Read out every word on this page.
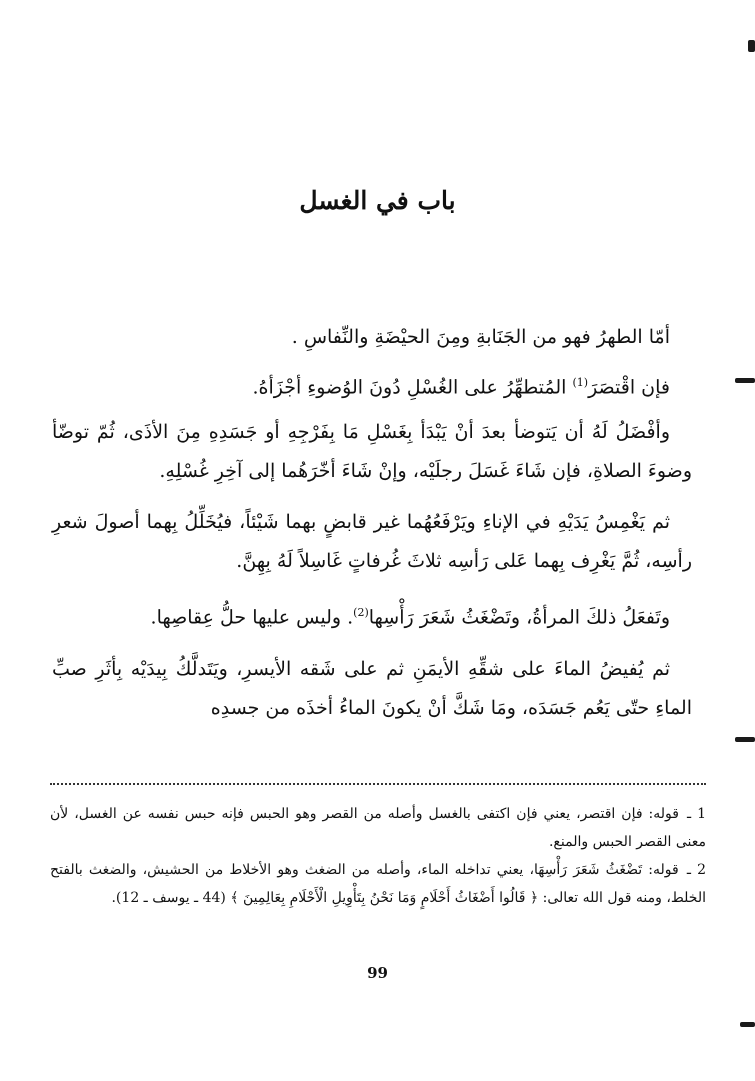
باب في الغسل

أمّا الطهرُ فهو من الجَنَابةِ ومِنَ الحيْضَةِ والنِّفاسِ .

فإن اقْتصَرَ$^{(1)}$ المُتطهِّرُ على الغُسْلِ دُونَ الوُضوءِ أجْزَأهُ.

وأفْضَلُ لَهُ أن يَتوضأ بعدَ أنْ يَبْدَأ بِغَسْلِ مَا بِفَرْجِهِ أو جَسَدِهِ مِنَ الأذَى، ثُمّ توضّأ وضوءَ الصلاةِ، فإن شَاءَ غَسَلَ رجلَيْه، وإنْ شَاءَ أخّرَهُما إلى آخِرِ غُسْلِهِ.

ثم يَغْمِسُ يَدَيْهِ في الإناءِ ويَرْفَعُهُما غير قابضٍ بهما شَيْئاً، فيُخَلِّلُ بِهما أصولَ شعرِ رأسِه، ثُمَّ يَغْرِف بِهما عَلى رَأسِه ثلاثَ غُرفاتٍ غَاسِلاً لَهُ بِهِنَّ.

وتَفعَلُ ذلكَ المرأةُ، وتَضْغَثُ شَعَرَ رَأْسِها$^{(2)}$. وليس عليها حلُّ عِقاصِها.

ثم يُفيضُ الماءَ على شقِّهِ الأيمَنِ ثم على شَقه الأيسرِ، ويَتَدلَّكُ بِيدَيْه بِأثَرِ صبِّ الماءِ حتّى يَعُم جَسَدَه، ومَا شَكَّ أنْ يكونَ الماءُ أخذَه من جسدِه

1 ـ قوله: فإن اقتصر، يعني فإن اكتفى بالغسل وأصله من القصر وهو الحبس فإنه حبس نفسه عن الغسل، لأن معنى القصر الحبس والمنع.

2 ـ قوله: تَضْغَثُ شَعَرَ رَأْسِهَا، يعني تداخله الماء، وأصله من الضغث وهو الأخلاط من الحشيش، والضغث بالفتح الخلط، ومنه قول الله تعالى: ﴿ قَالُوا أَضْغَاثُ أَحْلَامٍ وَمَا نَحْنُ بِتَأْوِيلِ الْأَحْلَامِ بِعَالِمِينَ ﴾ (44 ـ يوسف ـ 12).

99
